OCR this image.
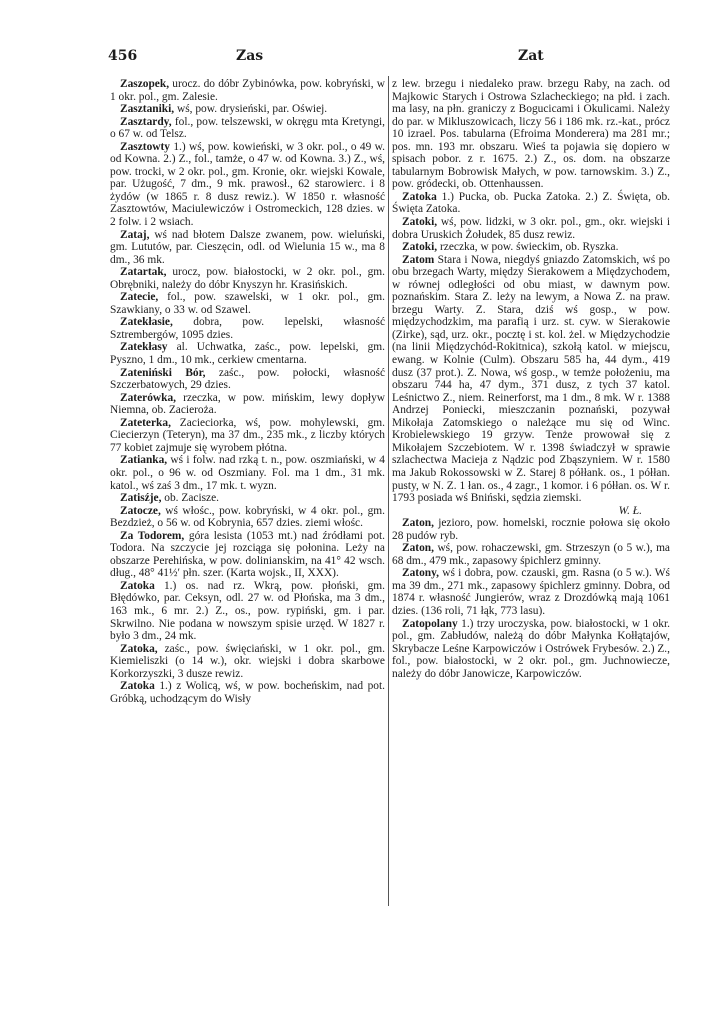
456	Zas	Zat

Zaszopek, urocz. do dóbr Zybinówka, pow. kobryński, w 1 okr. pol., gm. Zalesie.

Zasztaniki, wś, pow. drysieński, par. Oświej.

Zasztardy, fol., pow. telszewski, w okręgu mta Kretyngi, o 67 w. od Telsz.

Zasztowty 1.) wś, pow. kowieński, w 3 okr. pol., o 49 w. od Kowna. 2.) Z., fol., tamże, o 47 w. od Kowna. 3.) Z., wś, pow. trocki, w 2 okr. pol., gm. Kronie, okr. wiejski Kowale, par. Użugość, 7 dm., 9 mk. prawosł., 62 starowierc. i 8 żydów (w 1865 r. 8 dusz rewiz.). W 1850 r. własność Zasztowtów, Maciulewiczów i Ostromeckich, 128 dzies. w 2 folw. i 2 wsiach.

Zataj, wś nad błotem Dalsze zwanem, pow. wieluński, gm. Lututów, par. Cieszęcin, odl. od Wielunia 15 w., ma 8 dm., 36 mk.

Zatartak, urocz, pow. białostocki, w 2 okr. pol., gm. Obrębniki, należy do dóbr Knyszyn hr. Krasińskich.

Zatecie, fol., pow. szawelski, w 1 okr. pol., gm. Szawkiany, o 33 w. od Szawel.

Zatekłasie, dobra, pow. lepelski, własność Sztrembergów, 1095 dzies.

Zatekłasy al. Uchwatka, zaśc., pow. lepelski, gm. Pyszno, 1 dm., 10 mk., cerkiew cmentarna.

Zateniński Bór, zaśc., pow. połocki, własność Szczerbatowych, 29 dzies.

Zaterówka, rzeczka, w pow. mińskim, lewy dopływ Niemna, ob. Zacieroża.

Zateterka, Zacieciorka, wś, pow. mohylewski, gm. Ciecierzyn (Teteryn), ma 37 dm., 235 mk., z liczby których 77 kobiet zajmuje się wyrobem płótna.

Zatianka, wś i folw. nad rzką t. n., pow. oszmiański, w 4 okr. pol., o 96 w. od Oszmiany. Fol. ma 1 dm., 31 mk. katol., wś zaś 3 dm., 17 mk. t. wyzn.

Zatisźje, ob. Zacisze.

Zatocze, wś włośc., pow. kobryński, w 4 okr. pol., gm. Bezdzież, o 56 w. od Kobrynia, 657 dzies. ziemi włośc.

Za Todorem, góra lesista (1053 mt.) nad źródłami pot. Todora. Na szczycie jej rozciąga się połonina. Leży na obszarze Perehińska, w pow. dolinianskim, na 41° 42 wsch. dług., 48° 41½′ płn. szer. (Karta wojsk., II, XXX).

Zatoka 1.) os. nad rz. Wkrą, pow. płoński, gm. Błędówko, par. Ceksyn, odl. 27 w. od Płońska, ma 3 dm., 163 mk., 6 mr. 2.) Z., os., pow. rypiński, gm. i par. Skrwilno. Nie podana w nowszym spisie urzęd. W 1827 r. było 3 dm., 24 mk.

Zatoka, zaśc., pow. święciański, w 1 okr. pol., gm. Kiemieliszki (o 14 w.), okr. wiejski i dobra skarbowe Korkorzyszki, 3 dusze rewiz.

Zatoka 1.) z Wolicą, wś, w pow. bocheńskim, nad pot. Gróbką, uchodzącym do Wisły

z lew. brzegu i niedaleko praw. brzegu Raby, na zach. od Majkowic Starych i Ostrowa Szlacheckiego; na płd. i zach. ma lasy, na płn. graniczy z Bogucicami i Okulicami. Należy do par. w Mikluszowicach, liczy 56 i 186 mk. rz.-kat., prócz 10 izrael. Pos. tabularna (Efroima Monderera) ma 281 mr.; pos. mn. 193 mr. obszaru. Wieś ta pojawia się dopiero w spisach pobor. z r. 1675. 2.) Z., os. dom. na obszarze tabularnym Bobrowisk Małych, w pow. tarnowskim. 3.) Z., pow. gródecki, ob. Ottenhaussen.

Zatoka 1.) Pucka, ob. Pucka Zatoka. 2.) Z. Święta, ob. Święta Zatoka.

Zatoki, wś, pow. lidzki, w 3 okr. pol., gm., okr. wiejski i dobra Uruskich Żołudek, 85 dusz rewiz.

Zatoki, rzeczka, w pow. świeckim, ob. Ryszka.

Zatom Stara i Nowa, niegdyś gniazdo Zatomskich, wś po obu brzegach Warty, między Sierakowem a Międzychodem, w równej odległości od obu miast, w dawnym pow. poznańskim. Stara Z. leży na lewym, a Nowa Z. na praw. brzegu Warty. Z. Stara, dziś wś gosp., w pow. międzychodzkim, ma parafią i urz. st. cyw. w Sierakowie (Zirke), sąd, urz. okr., pocztę i st. kol. żel. w Międzychodzie (na linii Międzychód-Rokitnica), szkołą katol. w miejscu, ewang. w Kolnie (Culm). Obszaru 585 ha, 44 dym., 419 dusz (37 prot.). Z. Nowa, wś gosp., w temże położeniu, ma obszaru 744 ha, 47 dym., 371 dusz, z tych 37 katol. Leśnictwo Z., niem. Reinerforst, ma 1 dm., 8 mk. W r. 1388 Andrzej Poniecki, mieszczanin poznański, pozywał Mikołaja Zatomskiego o należące mu się od Winc. Krobielewskiego 19 grzyw. Tenże prowował się z Mikołajem Szczebiotem. W r. 1398 świadczył w sprawie szlachectwa Macieja z Nądzic pod Zbąszyniem. W r. 1580 ma Jakub Rokossowski w Z. Starej 8 półłank. os., 1 półłan. pusty, w N. Z. 1 łan. os., 4 zagr., 1 komor. i 6 półłan. os. W r. 1793 posiada wś Bniński, sędzia ziemski.

W. Ł.

Zaton, jezioro, pow. homelski, rocznie połowa się około 28 pudów ryb.

Zaton, wś, pow. rohaczewski, gm. Strzeszyn (o 5 w.), ma 68 dm., 479 mk., zapasowy śpichlerz gminny.

Zatony, wś i dobra, pow. czauski, gm. Rasna (o 5 w.). Wś ma 39 dm., 271 mk., zapasowy śpichlerz gminny. Dobra, od 1874 r. własność Jungierów, wraz z Drozdówką mają 1061 dzies. (136 roli, 71 łąk, 773 lasu).

Zatopolany 1.) trzy uroczyska, pow. białostocki, w 1 okr. pol., gm. Zabłudów, należą do dóbr Małynka Kołłątajów, Skrybacze Leśne Karpowiczów i Ostrówek Frybesów. 2.) Z., fol., pow. białostocki, w 2 okr. pol., gm. Juchnowiecze, należy do dóbr Janowicze, Karpowiczów.
